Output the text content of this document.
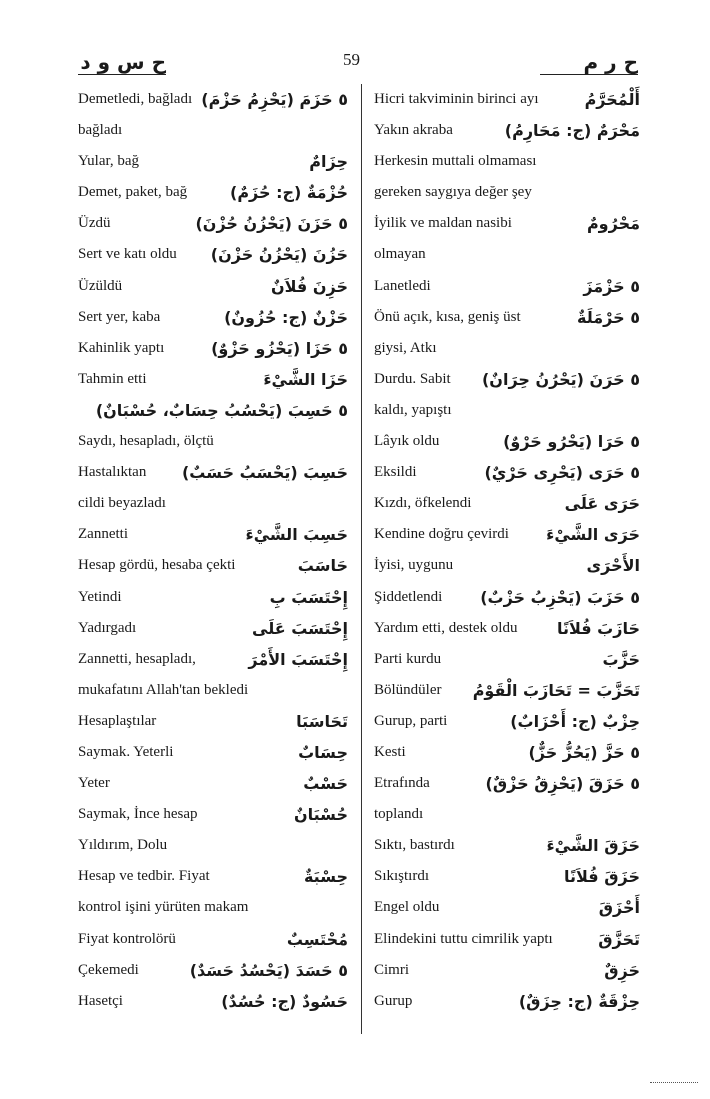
ح س و د	59	ح ر م
Demetledi, bağladı ٥ حَزَمَ (يَحْزِمُ حَزْمَ)
bağladı
Yular, bağ	حِزَامٌ
Demet, paket, bağ	حُزْمَةٌ (ج: حُزَمٌ)
Üzdü	٥ حَزَنَ (يَحْزُنُ حُزْنَ)
Sert ve katı oldu حَزُنَ (يَحْزُنُ حَزْنَ)
Üzüldü	حَزِنَ فُلاَنٌ
Sert yer, kaba	حَزْنٌ (ج: حُزُونٌ)
Kahinlik yaptı	٥ حَزَا (يَحْزُو حَزْوٌ)
Tahmin etti	حَزَا الشَّيْءَ
٥ حَسِبَ (يَحْسُبُ حِسَابٌ، حُسْبَانٌ)
Saydı, hesapladı, ölçtü
Hastalıktan حَسِبَ (يَحْسَبُ حَسَبٌ)
cildi beyazladı
Zannetti	حَسِبَ الشَّيْءَ
Hesap gördü, hesaba çekti	حَاسَبَ
Yetindi	إِحْتَسَبَ بِ
Yadırgadı	إِحْتَسَبَ عَلَى
Zannetti, hesapladı,	إِحْتَسَبَ الأَمْرَ
mukafatını Allah'tan bekledi
Hesaplaştılar	تَحَاسَبَا
Saymak. Yeterli	حِسَابٌ
Yeter	حَسْبٌ
Saymak, İnce hesap	حُسْبَانٌ
Yıldırım, Dolu
Hesap ve tedbir. Fiyat	حِسْبَةٌ
kontrol işini yürüten makam
Fiyat kontrolörü	مُحْتَسِبٌ
Çekemedi	٥ حَسَدَ (يَحْسُدُ حَسَدٌ)
Hasetçi	حَسُودٌ (ج: حُسُدٌ)
Hicri takviminin birinci ayı	أَلْمُحَرَّمُ
Yakın akraba	مَحْرَمٌ (ج: مَحَارِمُ)
Herkesin muttali olmaması
gereken saygıya değer şey
İyilik ve maldan nasibi	مَحْرُومٌ
olmayan
Lanetledi	٥ حَزْمَزَ
Önü açık, kısa, geniş üst	٥ حَرْمَلَةٌ
giysi, Atkı
Durdu. Sabit ٥ حَرَنَ (يَحْرُنُ حِرَانٌ)
kaldı, yapıştı
Lâyık oldu	٥ حَرَا (يَحْرُو حَرْوٌ)
Eksildi	٥ حَرَى (يَحْرِى حَرْيٌ)
Kızdı, öfkelendi	حَرَى عَلَى
Kendine doğru çevirdi حَرَى الشَّيْءَ
İyisi, uygunu	الأَحْرَى
Şiddetlendi ٥ حَزَبَ (يَحْزِبُ حَزْبٌ)
Yardım etti, destek oldu حَازَبَ فُلاَنًا
Parti kurdu	حَزَّبَ
Bölündüler تَحَزَّبَ = تَحَازَبَ الْقَوْمُ
Gurup, parti	حِزْبٌ (ج: أَحْزَابٌ)
Kesti	٥ حَزَّ (يَحُزُّ حَزٌّ)
Etrafında	٥ حَزَقَ (يَحْزِقُ حَزْقٌ)
toplandı
Sıktı, bastırdı	حَزَقَ الشَّيْءَ
Sıkıştırdı	حَزَقَ فُلاَنًا
Engel oldu	أَحْزَقَ
Elindekini tuttu cimrilik yaptı	تَحَزَّقَ
Cimri	حَزِقٌ
Gurup	حِزْقَةٌ (ج: حِزَقٌ)
